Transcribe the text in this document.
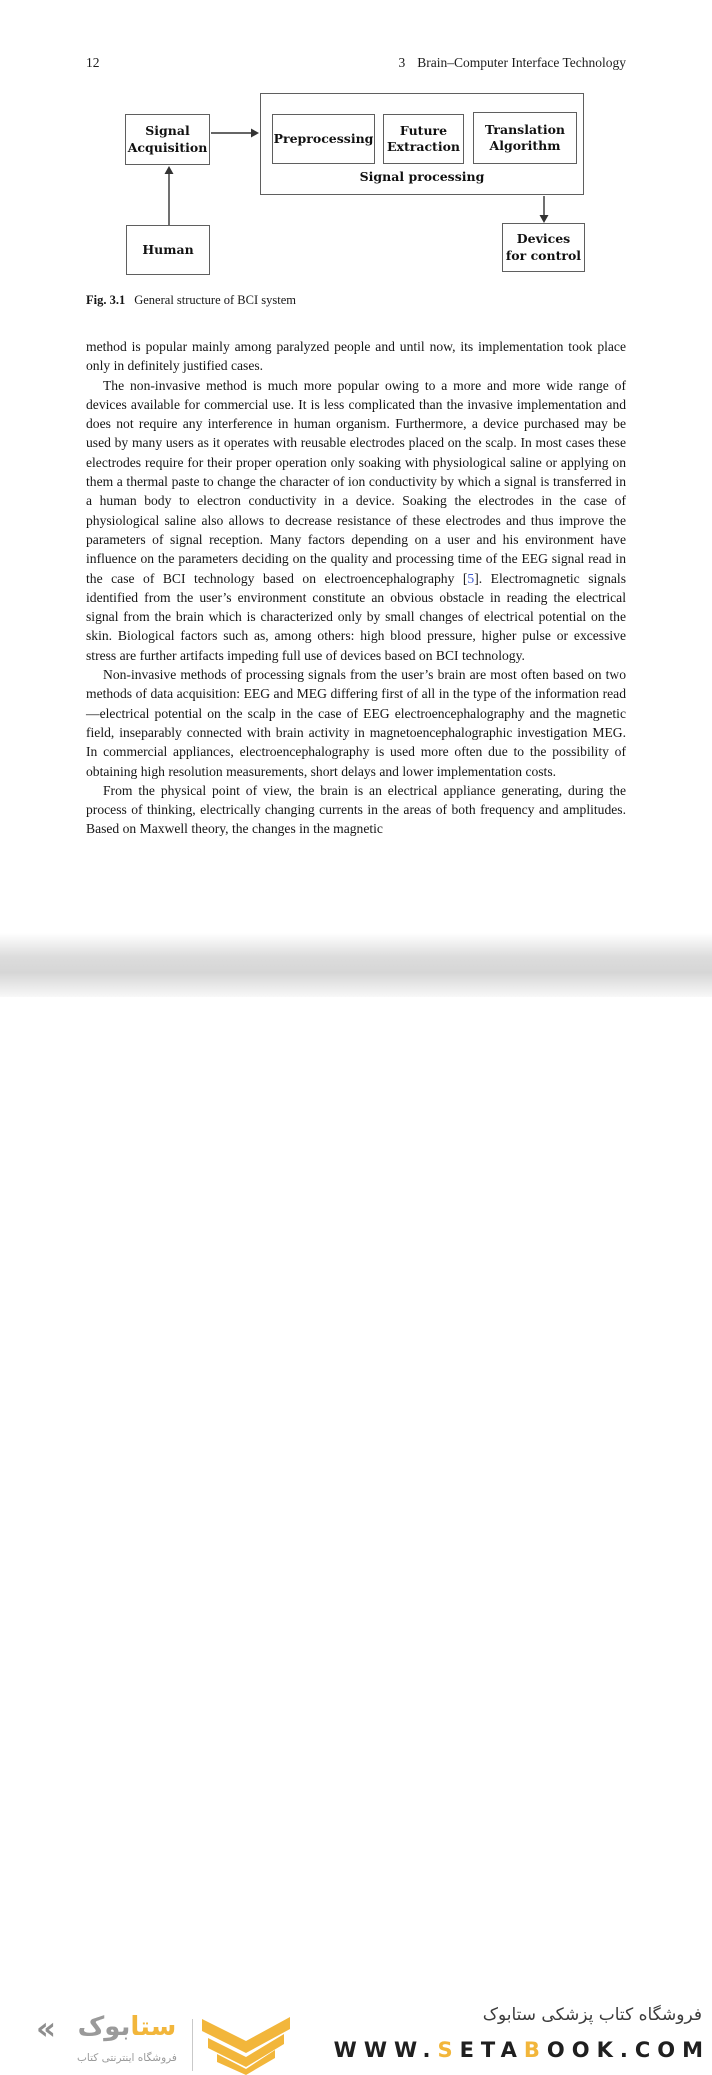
12	3 Brain–Computer Interface Technology
Signal Acquisition
Preprocessing
Future Extraction
Translation Algorithm
Signal processing
Human
Devices for control
Fig. 3.1 General structure of BCI system

method is popular mainly among paralyzed people and until now, its implementation took place only in definitely justified cases.

The non-invasive method is much more popular owing to a more and more wide range of devices available for commercial use. It is less complicated than the invasive implementation and does not require any interference in human organism. Furthermore, a device purchased may be used by many users as it operates with reusable electrodes placed on the scalp. In most cases these electrodes require for their proper operation only soaking with physiological saline or applying on them a thermal paste to change the character of ion conductivity by which a signal is transferred in a human body to electron conductivity in a device. Soaking the electrodes in the case of physiological saline also allows to decrease resistance of these electrodes and thus improve the parameters of signal reception. Many factors depending on a user and his environment have influence on the parameters deciding on the quality and processing time of the EEG signal read in the case of BCI technology based on electroencephalography [5]. Electromagnetic signals identified from the user’s environment constitute an obvious obstacle in reading the electrical signal from the brain which is characterized only by small changes of electrical potential on the skin. Biological factors such as, among others: high blood pressure, higher pulse or excessive stress are further artifacts impeding full use of devices based on BCI technology.

Non-invasive methods of processing signals from the user’s brain are most often based on two methods of data acquisition: EEG and MEG differing first of all in the type of the information read—electrical potential on the scalp in the case of EEG electroencephalography and the magnetic field, inseparably connected with brain activity in magnetoencephalographic investigation MEG. In commercial appliances, electroencephalography is used more often due to the possibility of obtaining high resolution measurements, short delays and lower implementation costs.

From the physical point of view, the brain is an electrical appliance generating, during the process of thinking, electrically changing currents in the areas of both frequency and amplitudes. Based on Maxwell theory, the changes in the magnetic

«	ستابوک
فروشگاه اینترنتی کتاب
فروشگاه کتاب پزشکی ستابوک
WWW.SETABOOK.COM
